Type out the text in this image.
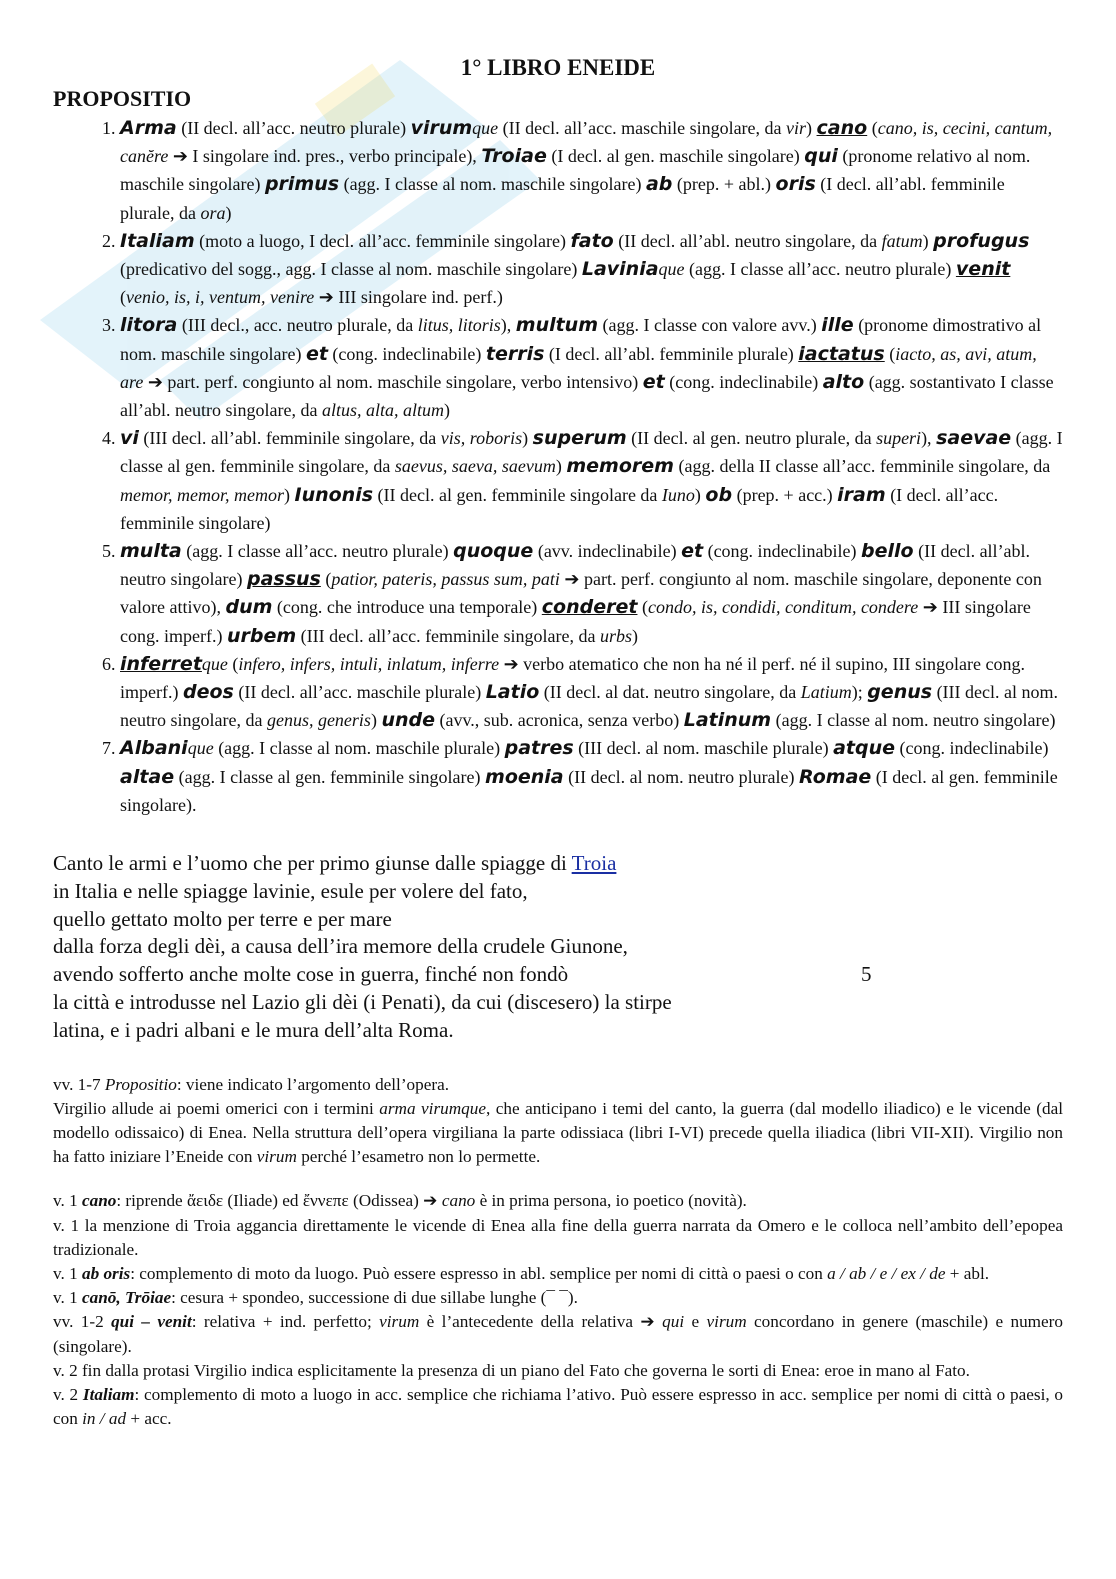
1° LIBRO ENEIDE
PROPOSITIO
1. Arma (II decl. all’acc. neutro plurale) virumque (II decl. all’acc. maschile singolare, da vir) cano (cano, is, cecini, cantum, canĕre ➔ I singolare ind. pres., verbo principale), Troiae (I decl. al gen. maschile singolare) qui (pronome relativo al nom. maschile singolare) primus (agg. I classe al nom. maschile singolare) ab (prep. + abl.) oris (I decl. all’abl. femminile plurale, da ora)
2. Italiam (moto a luogo, I decl. all’acc. femminile singolare) fato (II decl. all’abl. neutro singolare, da fatum) profugus (predicativo del sogg., agg. I classe al nom. maschile singolare) Laviniaque (agg. I classe all’acc. neutro plurale) venit (venio, is, i, ventum, venire ➔ III singolare ind. perf.)
3. litora (III decl., acc. neutro plurale, da litus, litoris), multum (agg. I classe con valore avv.) ille (pronome dimostrativo al nom. maschile singolare) et (cong. indeclinabile) terris (I decl. all’abl. femminile plurale) iactatus (iacto, as, avi, atum, are ➔ part. perf. congiunto al nom. maschile singolare, verbo intensivo) et (cong. indeclinabile) alto (agg. sostantivato I classe all’abl. neutro singolare, da altus, alta, altum)
4. vi (III decl. all’abl. femminile singolare, da vis, roboris) superum (II decl. al gen. neutro plurale, da superi), saevae (agg. I classe al gen. femminile singolare, da saevus, saeva, saevum) memorem (agg. della II classe all’acc. femminile singolare, da memor, memor, memor) Iunonis (II decl. al gen. femminile singolare da Iuno) ob (prep. + acc.) iram (I decl. all’acc. femminile singolare)
5. multa (agg. I classe all’acc. neutro plurale) quoque (avv. indeclinabile) et (cong. indeclinabile) bello (II decl. all’abl. neutro singolare) passus (patior, pateris, passus sum, pati ➔ part. perf. congiunto al nom. maschile singolare, deponente con valore attivo), dum (cong. che introduce una temporale) conderet (condo, is, condidi, conditum, condere ➔ III singolare cong. imperf.) urbem (III decl. all’acc. femminile singolare, da urbs)
6. inferretque (infero, infers, intuli, inlatum, inferre ➔ verbo atematico che non ha né il perf. né il supino, III singolare cong. imperf.) deos (II decl. all’acc. maschile plurale) Latio (II decl. al dat. neutro singolare, da Latium); genus (III decl. al nom. neutro singolare, da genus, generis) unde (avv., sub. acronica, senza verbo) Latinum (agg. I classe al nom. neutro singolare)
7. Albanique (agg. I classe al nom. maschile plurale) patres (III decl. al nom. maschile plurale) atque (cong. indeclinabile) altae (agg. I classe al gen. femminile singolare) moenia (II decl. al nom. neutro plurale) Romae (I decl. al gen. femminile singolare).
Canto le armi e l’uomo che per primo giunse dalle spiagge di Troia
in Italia e nelle spiagge lavinie, esule per volere del fato,
quello gettato molto per terre e per mare
dalla forza degli dèi, a causa dell’ira memore della crudele Giunone,
avendo sofferto anche molte cose in guerra, finché non fondò
la città e introdusse nel Lazio gli dèi (i Penati), da cui (discesero) la stirpe
latina, e i padri albani e le mura dell’alta Roma.
5

vv. 1-7 Propositio: viene indicato l’argomento dell’opera.

Virgilio allude ai poemi omerici con i termini arma virumque, che anticipano i temi del canto, la guerra (dal modello iliadico) e le vicende (dal modello odissaico) di Enea. Nella struttura dell’opera virgiliana la parte odissiaca (libri I-VI) precede quella iliadica (libri VII-XII). Virgilio non ha fatto iniziare l’Eneide con virum perché l’esametro non lo permette.

v. 1 cano: riprende ἄειδε (Iliade) ed ἔννεπε (Odissea) ➔ cano è in prima persona, io poetico (novità).

v. 1 la menzione di Troia aggancia direttamente le vicende di Enea alla fine della guerra narrata da Omero e le colloca nell’ambito dell’epopea tradizionale.

v. 1 ab oris: complemento di moto da luogo. Può essere espresso in abl. semplice per nomi di città o paesi o con a / ab / e / ex / de + abl.

v. 1 canō, Trōiae: cesura + spondeo, successione di due sillabe lunghe (¯ ¯).

vv. 1-2 qui – venit: relativa + ind. perfetto; virum è l’antecedente della relativa ➔ qui e virum concordano in genere (maschile) e numero (singolare).

v. 2 fin dalla protasi Virgilio indica esplicitamente la presenza di un piano del Fato che governa le sorti di Enea: eroe in mano al Fato.

v. 2 Italiam: complemento di moto a luogo in acc. semplice che richiama l’ativo. Può essere espresso in acc. semplice per nomi di città o paesi, o con in / ad + acc.
